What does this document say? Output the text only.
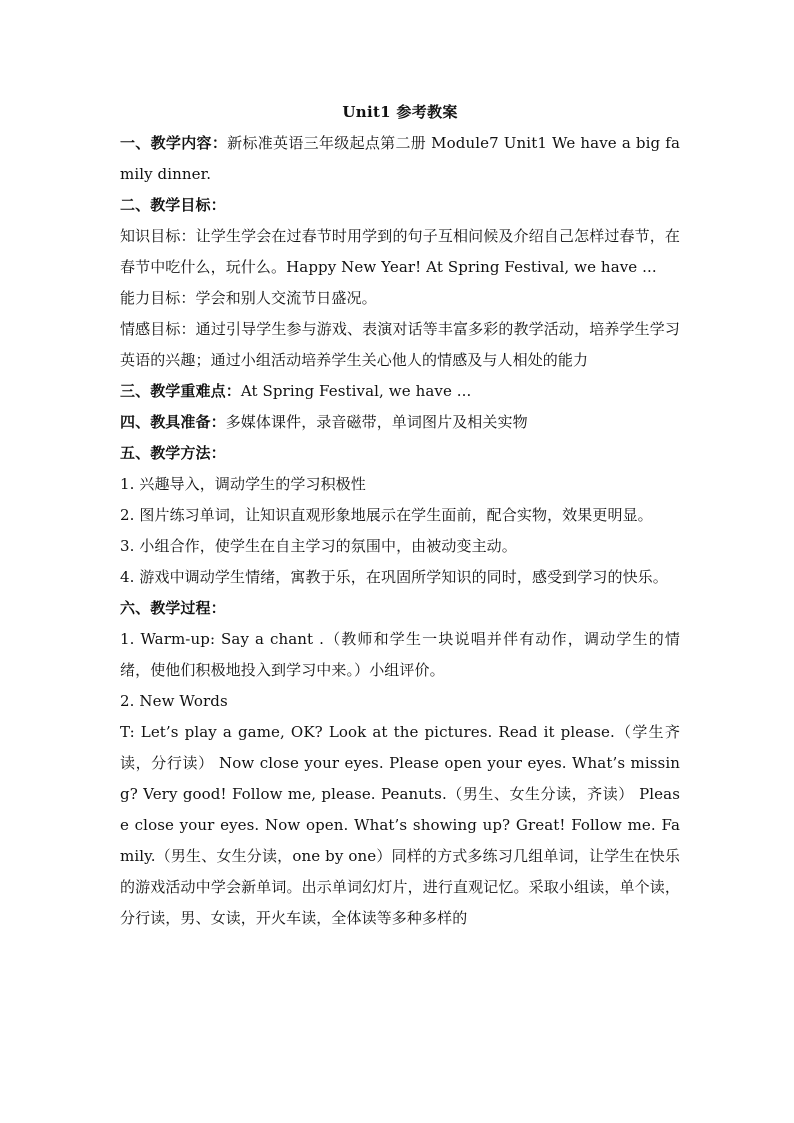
Unit1 参考教案

一、教学内容：新标准英语三年级起点第二册 Module7 Unit1 We have a big family dinner.

二、教学目标：

知识目标：让学生学会在过春节时用学到的句子互相问候及介绍自己怎样过春节，在春节中吃什么，玩什么。Happy New Year! At Spring Festival, we have ...

能力目标：学会和别人交流节日盛况。

情感目标：通过引导学生参与游戏、表演对话等丰富多彩的教学活动，培养学生学习英语的兴趣；通过小组活动培养学生关心他人的情感及与人相处的能力

三、教学重难点：At Spring Festival, we have ...

四、教具准备：多媒体课件，录音磁带，单词图片及相关实物

五、教学方法：

1. 兴趣导入，调动学生的学习积极性

2. 图片练习单词，让知识直观形象地展示在学生面前，配合实物，效果更明显。

3. 小组合作，使学生在自主学习的氛围中，由被动变主动。

4. 游戏中调动学生情绪，寓教于乐，在巩固所学知识的同时，感受到学习的快乐。

六、教学过程：

1. Warm-up: Say a chant .（教师和学生一块说唱并伴有动作，调动学生的情绪，使他们积极地投入到学习中来。）小组评价。

2. New Words

T: Let’s play a game, OK? Look at the pictures. Read it please.（学生齐读，分行读） Now close your eyes. Please open your eyes. What’s missing? Very good! Follow me, please. Peanuts.（男生、女生分读，齐读） Please close your eyes. Now open. What’s showing up? Great! Follow me. Family.（男生、女生分读，one by one）同样的方式多练习几组单词，让学生在快乐的游戏活动中学会新单词。出示单词幻灯片，进行直观记忆。采取小组读，单个读，分行读，男、女读，开火车读，全体读等多种多样的
